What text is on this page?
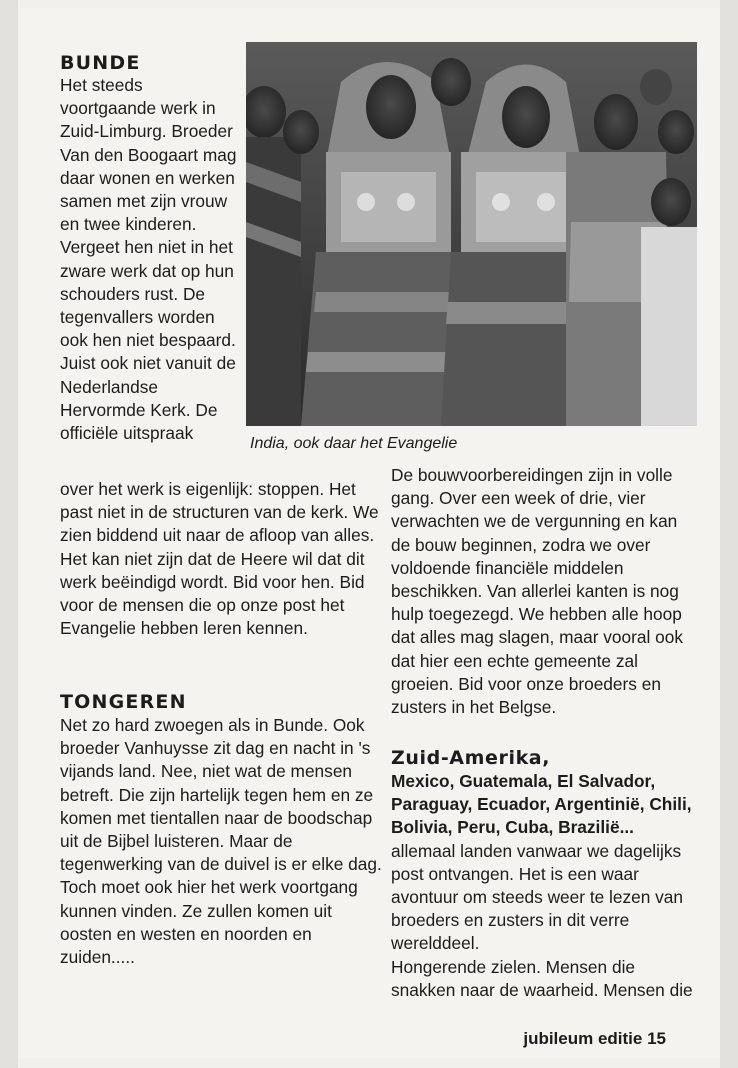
BUNDE

Het steeds voortgaande werk in Zuid-Limburg. Broeder Van den Boogaart mag daar wonen en werken samen met zijn vrouw en twee kinderen. Vergeet hen niet in het zware werk dat op hun schouders rust. De tegenvallers worden ook hen niet bespaard. Juist ook niet vanuit de Nederlandse Hervormde Kerk. De officiële uitspraak

over het werk is eigenlijk: stoppen. Het past niet in de structuren van de kerk. We zien biddend uit naar de afloop van alles. Het kan niet zijn dat de Heere wil dat dit werk beëindigd wordt. Bid voor hen. Bid voor de mensen die op onze post het Evangelie hebben leren kennen.

TONGEREN

Net zo hard zwoegen als in Bunde. Ook broeder Vanhuysse zit dag en nacht in 's vijands land. Nee, niet wat de mensen betreft. Die zijn hartelijk tegen hem en ze komen met tientallen naar de boodschap uit de Bijbel luisteren. Maar de tegenwerking van de duivel is er elke dag. Toch moet ook hier het werk voortgang kunnen vinden. Ze zullen komen uit oosten en westen en noorden en zuiden.....

India, ook daar het Evangelie

De bouwvoorbereidingen zijn in volle gang. Over een week of drie, vier verwachten we de vergunning en kan de bouw beginnen, zodra we over voldoende financiële middelen beschikken. Van allerlei kanten is nog hulp toegezegd. We hebben alle hoop dat alles mag slagen, maar vooral ook dat hier een echte gemeente zal groeien. Bid voor onze broeders en zusters in het Belgse.

Zuid-Amerika,
Mexico, Guatemala, El Salvador, Paraguay, Ecuador, Argentinië, Chili, Bolivia, Peru, Cuba, Brazilië... allemaal landen vanwaar we dagelijks post ontvangen. Het is een waar avontuur om steeds weer te lezen van broeders en zusters in dit verre werelddeel.
Hongerende zielen. Mensen die snakken naar de waarheid. Mensen die

jubileum editie 15
